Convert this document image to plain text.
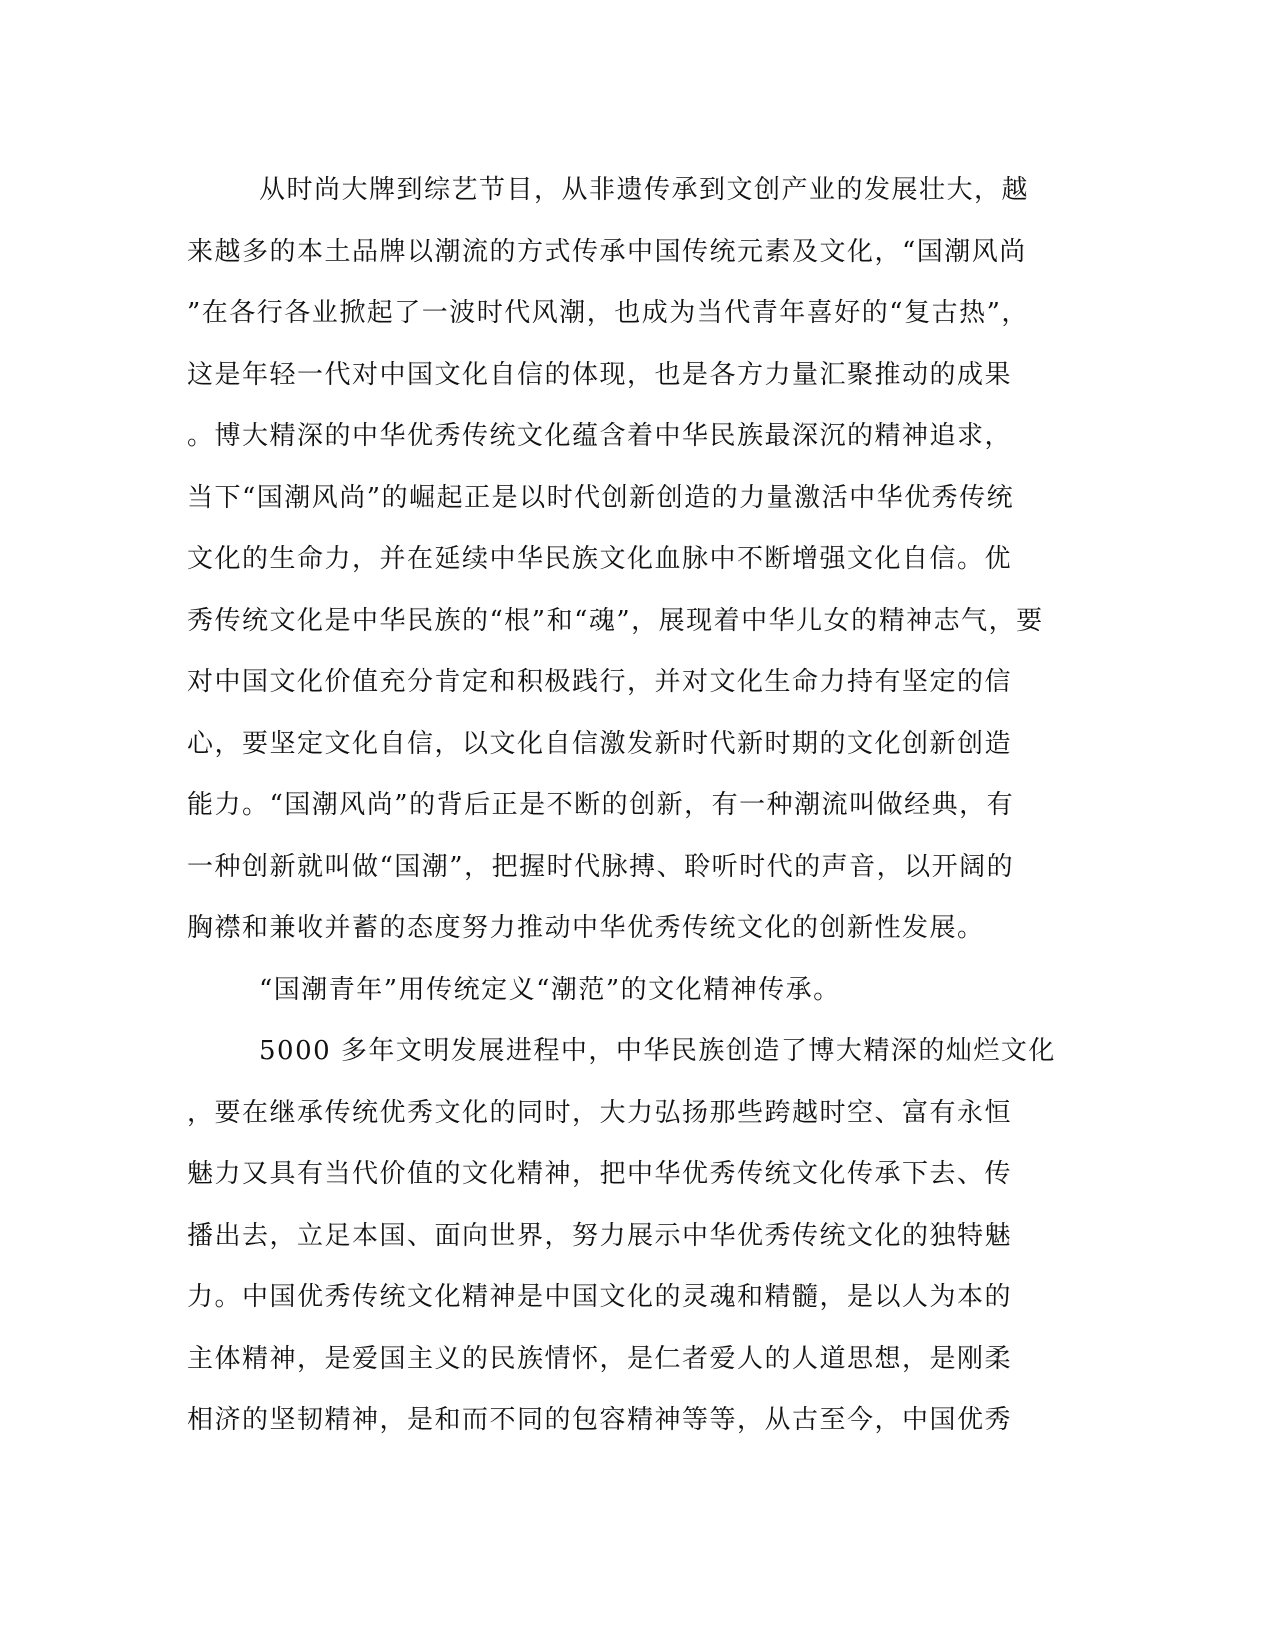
从时尚大牌到综艺节目，从非遗传承到文创产业的发展壮大，越
来越多的本土品牌以潮流的方式传承中国传统元素及文化，“国潮风尚
”在各行各业掀起了一波时代风潮，也成为当代青年喜好的“复古热”，
这是年轻一代对中国文化自信的体现，也是各方力量汇聚推动的成果
。博大精深的中华优秀传统文化蕴含着中华民族最深沉的精神追求，
当下“国潮风尚”的崛起正是以时代创新创造的力量激活中华优秀传统
文化的生命力，并在延续中华民族文化血脉中不断增强文化自信。优
秀传统文化是中华民族的“根”和“魂”，展现着中华儿女的精神志气，要
对中国文化价值充分肯定和积极践行，并对文化生命力持有坚定的信
心，要坚定文化自信，以文化自信激发新时代新时期的文化创新创造
能力。“国潮风尚”的背后正是不断的创新，有一种潮流叫做经典，有
一种创新就叫做“国潮”，把握时代脉搏、聆听时代的声音，以开阔的
胸襟和兼收并蓄的态度努力推动中华优秀传统文化的创新性发展。
“国潮青年”用传统定义“潮范”的文化精神传承。
5000 多年文明发展进程中，中华民族创造了博大精深的灿烂文化
，要在继承传统优秀文化的同时，大力弘扬那些跨越时空、富有永恒
魅力又具有当代价值的文化精神，把中华优秀传统文化传承下去、传
播出去，立足本国、面向世界，努力展示中华优秀传统文化的独特魅
力。中国优秀传统文化精神是中国文化的灵魂和精髓，是以人为本的
主体精神，是爱国主义的民族情怀，是仁者爱人的人道思想，是刚柔
相济的坚韧精神，是和而不同的包容精神等等，从古至今，中国优秀
